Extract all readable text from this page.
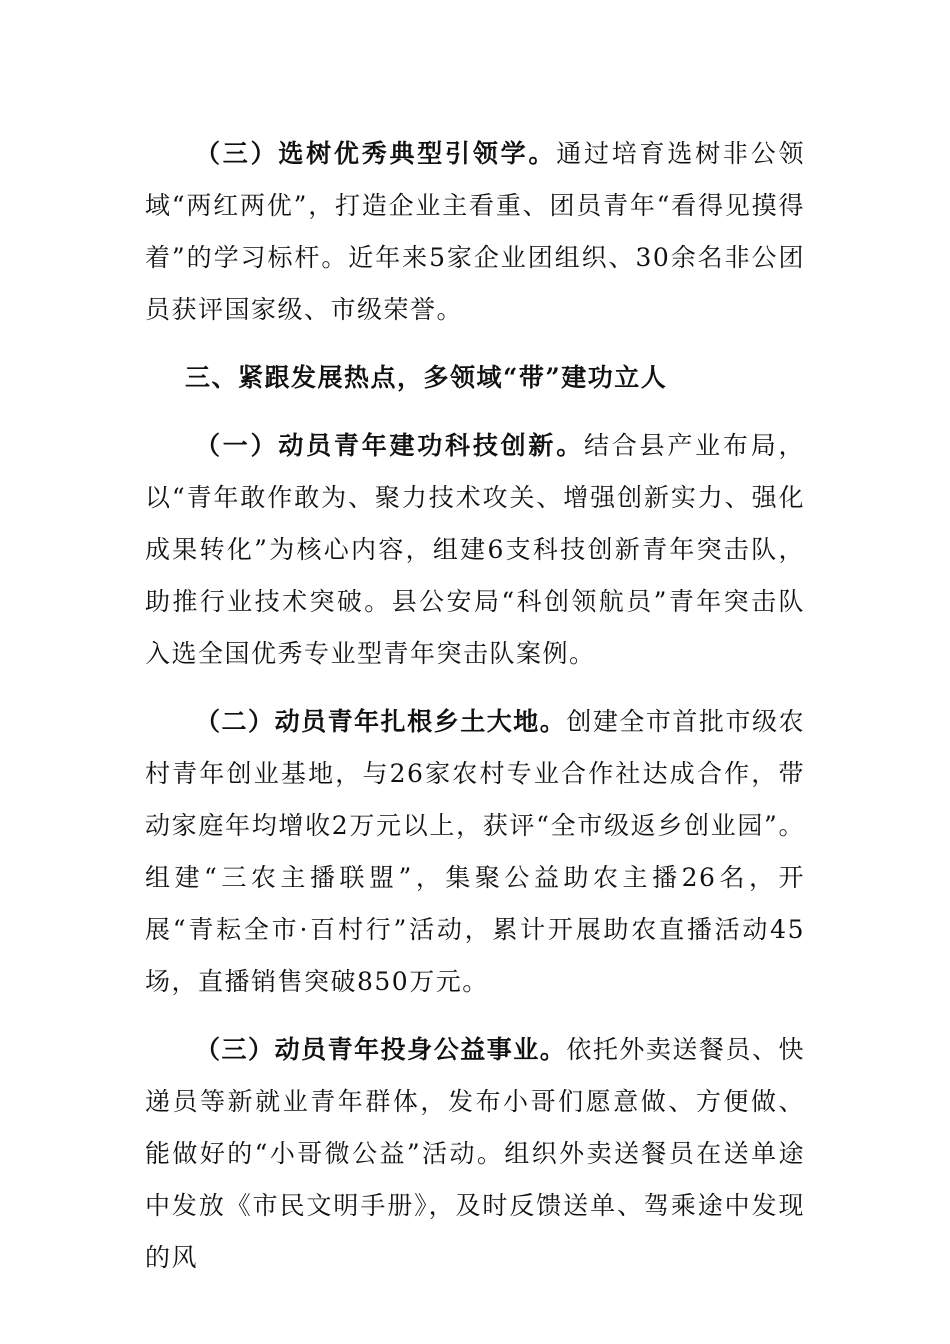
（三）选树优秀典型引领学。通过培育选树非公领域“两红两优”，打造企业主看重、团员青年“看得见摸得着”的学习标杆。近年来5家企业团组织、30余名非公团员获评国家级、市级荣誉。

三、紧跟发展热点，多领域“带”建功立人

（一）动员青年建功科技创新。结合县产业布局，以“青年敢作敢为、聚力技术攻关、增强创新实力、强化成果转化”为核心内容，组建6支科技创新青年突击队，助推行业技术突破。县公安局“科创领航员”青年突击队入选全国优秀专业型青年突击队案例。

（二）动员青年扎根乡土大地。创建全市首批市级农村青年创业基地，与26家农村专业合作社达成合作，带动家庭年均增收2万元以上，获评“全市级返乡创业园”。组建“三农主播联盟”，集聚公益助农主播26名，开展“青耘全市·百村行”活动，累计开展助农直播活动45场，直播销售突破850万元。

（三）动员青年投身公益事业。依托外卖送餐员、快递员等新就业青年群体，发布小哥们愿意做、方便做、能做好的“小哥微公益”活动。组织外卖送餐员在送单途中发放《市民文明手册》，及时反馈送单、驾乘途中发现的风
